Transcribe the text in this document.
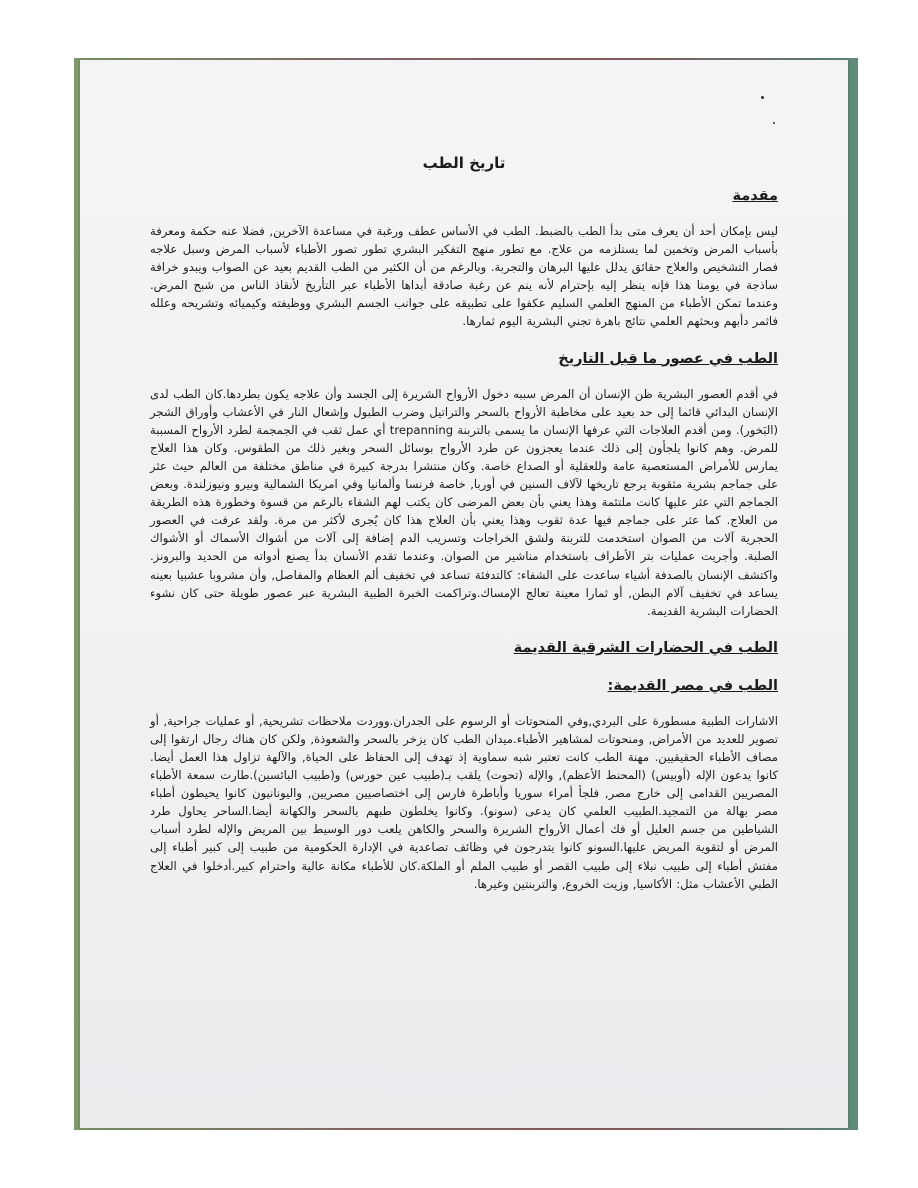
تاريخ الطب
مقدمة

ليس بإمكان أحد أن يعرف متى بدأ الطب بالضبط. الطب في الأساس عطف ورغبة في مساعدة الآخرين, فضلا عنه حكمة ومعرفة بأسباب المرض وتخمين لما يستلزمه من علاج. مع تطور منهج التفكير البشري تطور تصور الأطباء لأسباب المرض وسبل علاجه فصار التشخيص والعلاج حقائق يدلل عليها البرهان والتجربة. وبالرغم من أن الكثير من الطب القديم بعيد عن الصواب ويبدو خرافة ساذجة في يومنا هذا فإنه ينظر إليه بإحترام لأنه ينم عن رغبة صادقة أبداها الأطباء عبر التأريخ لأنقاذ الناس من شبح المرض. وعندما تمكن الأطباء من المنهج العلمي السليم عكفوا على تطبيقه على جوانب الجسم البشري ووظيفته وكيميائه وتشريحه وعلله فاثمر دأبهم وبحثهم العلمي نتائج باهرة تجني البشرية اليوم ثمارها.

الطب في عصور ما قبل التاريخ

في أقدم العصور البشرية ظن الإنسان أن المرض سببه دخول الأرواح الشريرة إلى الجسد وأن علاجه يكون بطردها.كان الطب لدى الإنسان البدائي قائما إلى حد بعيد على مخاطبة الأرواح بالسحر والتراتيل وضرب الطبول وإشعال النار في الأعشاب وأوراق الشجر (البَخور). ومن أقدم العلاجات التي عرفها الإنسان ما يسمى بالتربنة trepanning أي عمل ثقب في الجمجمة لطرد الأرواح المسببة للمرض. وهم كانوا يلجأون إلى ذلك عندما يعجزون عن طرد الأرواح بوسائل السحر وبغير ذلك من الطقوس. وكان هذا العلاج يمارس للأمراض المستعصية عامة وللعقلية أو الصداع خاصة. وكان منتشرا بدرجة كبيرة في مناطق مختلفة من العالم حيث عثر على جماجم بشرية مثقوبة يرجع تاريخها لآلاف السنين في أوربا, خاصة فرنسا وألمانيا وفي امريكا الشمالية وبيرو ونيوزلندة. وبعض الجماجم التي عثر عليها كانت ملتئمة وهذا يعني بأن بعض المرضى كان يكتب لهم الشفاء بالرغم من قسوة وخطورة هذه الطريقة من العلاج. كما عثر على جماجم فيها عدة ثقوب وهذا يعني بأن العلاج هذا كان يُجرى لأكثر من مرة. ولقد عرفت في العصور الحجرية آلات من الصوان استخدمت للتربنة ولشق الخراجات وتسريب الدم إضافة إلى آلات من أشواك الأسماك أو الأشواك الصلبة. وأجريت عمليات بتر الأطراف باستخدام مناشير من الصوان. وعندما تقدم الأنسان بدأ يصنع أدواته من الحديد والبرونز. واكتشف الإنسان بالصدفة أشياء ساعدت على الشفاء: كالتدفئة تساعد في تخفيف ألم العظام والمفاصل, وأن مشروبا عشبيا بعينه يساعد في تخفيف آلام البطن, أو ثمارا معينة تعالج الإمساك.وتراكمت الخبرة الطبية البشرية عبر عصور طويلة حتى كان نشوء الحضارات البشرية القديمة.

الطب في الحضارات الشرقية القديمة
الطب في مصر القديمة:

الاشارات الطبية مسطورة على البردي,وفي المنحوتات أو الرسوم على الجدران.ووردت ملاحظات تشريحية, أو عمليات جراحية, أو تصوير للعديد من الأمراض, ومنحوتات لمشاهير الأطباء.ميدان الطب كان يزخر بالسحر والشعوذة, ولكن كان هناك رجال ارتقوا إلى مصاف الأطباء الحقيقيين. مهنة الطب كانت تعتبر شبه سماوية إذ تهدف إلى الحفاظ على الحياة, والآلهة تزاول هذا العمل أيضا. كانوا يدعون الإله (أوبيس) (المحنط الأعظم), والإله (تحوت) يلقب بـ(طبيب عين حورس) و(طبيب البائسين).طارت سمعة الأطباء المصريين القدامى إلى خارج مصر, فلجأ أمراء سوريا وأباطرة فارس إلى اختصاصيين مصريين, واليونانيون كانوا يحيطون أطباء مصر بهالة من التمجيد.الطبيب العلمي كان يدعى (سونو). وكانوا يخلطون طبهم بالسحر والكهانة أيضا.الساحر يحاول طرد الشياطين من جسم العليل أو فك أعمال الأرواح الشريرة والسحر والكاهن يلعب دور الوسيط بين المريض والإله لطرد أسباب المرض أو لتقوية المريض عليها.السونو كانوا يتدرجون في وظائف تصاعدية في الإدارة الحكومية من طبيب إلى كبير أطباء إلى مفتش أطباء إلى طبيب نبلاء إلى طبيب القصر أو طبيب الملم أو الملكة.كان للأطباء مكانة عالية واحترام كبير.أدخلوا في العلاج الطبي الأعشاب مثل: الأكاسيا, وزيت الخروع, والتربنتين وغيرها.
